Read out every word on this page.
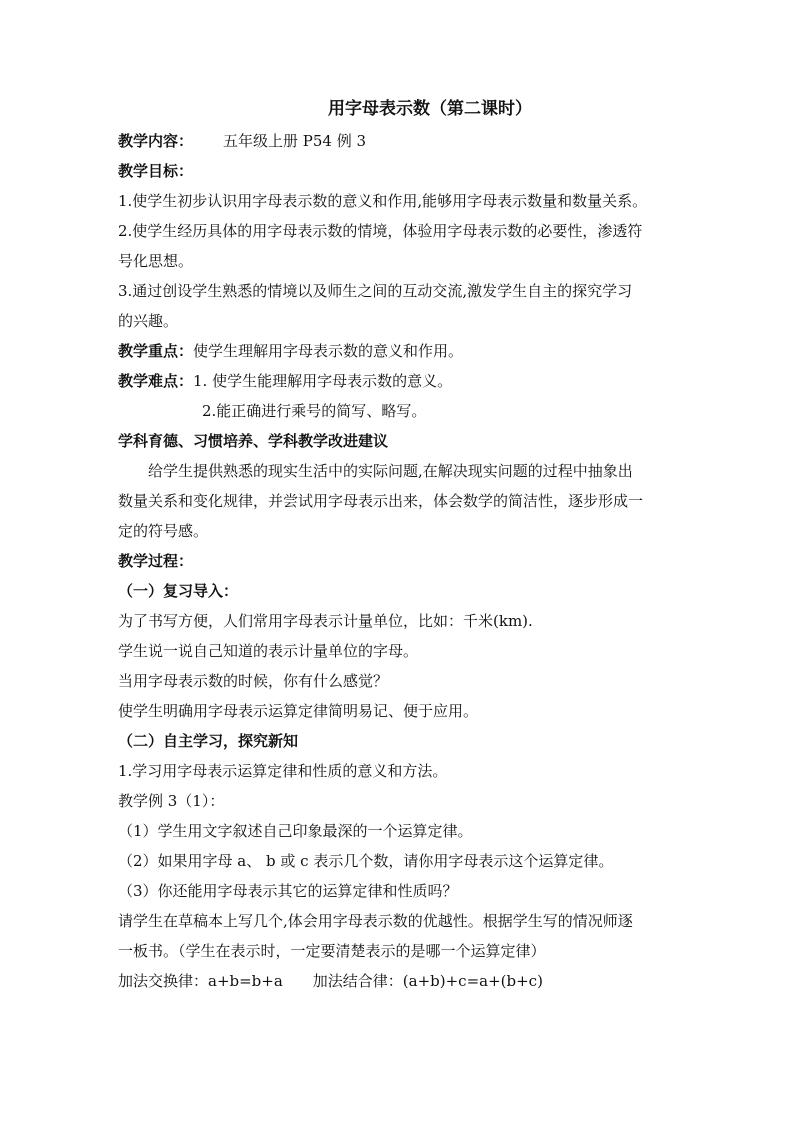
用字母表示数（第二课时）
教学内容： 五年级上册 P54 例 3
教学目标：
1.使学生初步认识用字母表示数的意义和作用,能够用字母表示数量和数量关系。
2.使学生经历具体的用字母表示数的情境，体验用字母表示数的必要性，渗透符
号化思想。
3.通过创设学生熟悉的情境以及师生之间的互动交流,激发学生自主的探究学习
的兴趣。
教学重点：使学生理解用字母表示数的意义和作用。
教学难点：1. 使学生能理解用字母表示数的意义。
2.能正确进行乘号的简写、略写。
学科育德、习惯培养、学科教学改进建议
给学生提供熟悉的现实生活中的实际问题,在解决现实问题的过程中抽象出
数量关系和变化规律，并尝试用字母表示出来，体会数学的简洁性，逐步形成一
定的符号感。
教学过程：
（一）复习导入：
为了书写方便，人们常用字母表示计量单位，比如：千米(km).
学生说一说自己知道的表示计量单位的字母。
当用字母表示数的时候，你有什么感觉？
使学生明确用字母表示运算定律简明易记、便于应用。
（二）自主学习，探究新知
1.学习用字母表示运算定律和性质的意义和方法。
教学例 3（1）：
（1）学生用文字叙述自己印象最深的一个运算定律。
（2）如果用字母 a、 b 或 c 表示几个数，请你用字母表示这个运算定律。
（3）你还能用字母表示其它的运算定律和性质吗？
请学生在草稿本上写几个,体会用字母表示数的优越性。根据学生写的情况师逐
一板书。（学生在表示时，一定要清楚表示的是哪一个运算定律）
加法交换律：a+b=b+a 加法结合律：(a+b)+c=a+(b+c)
